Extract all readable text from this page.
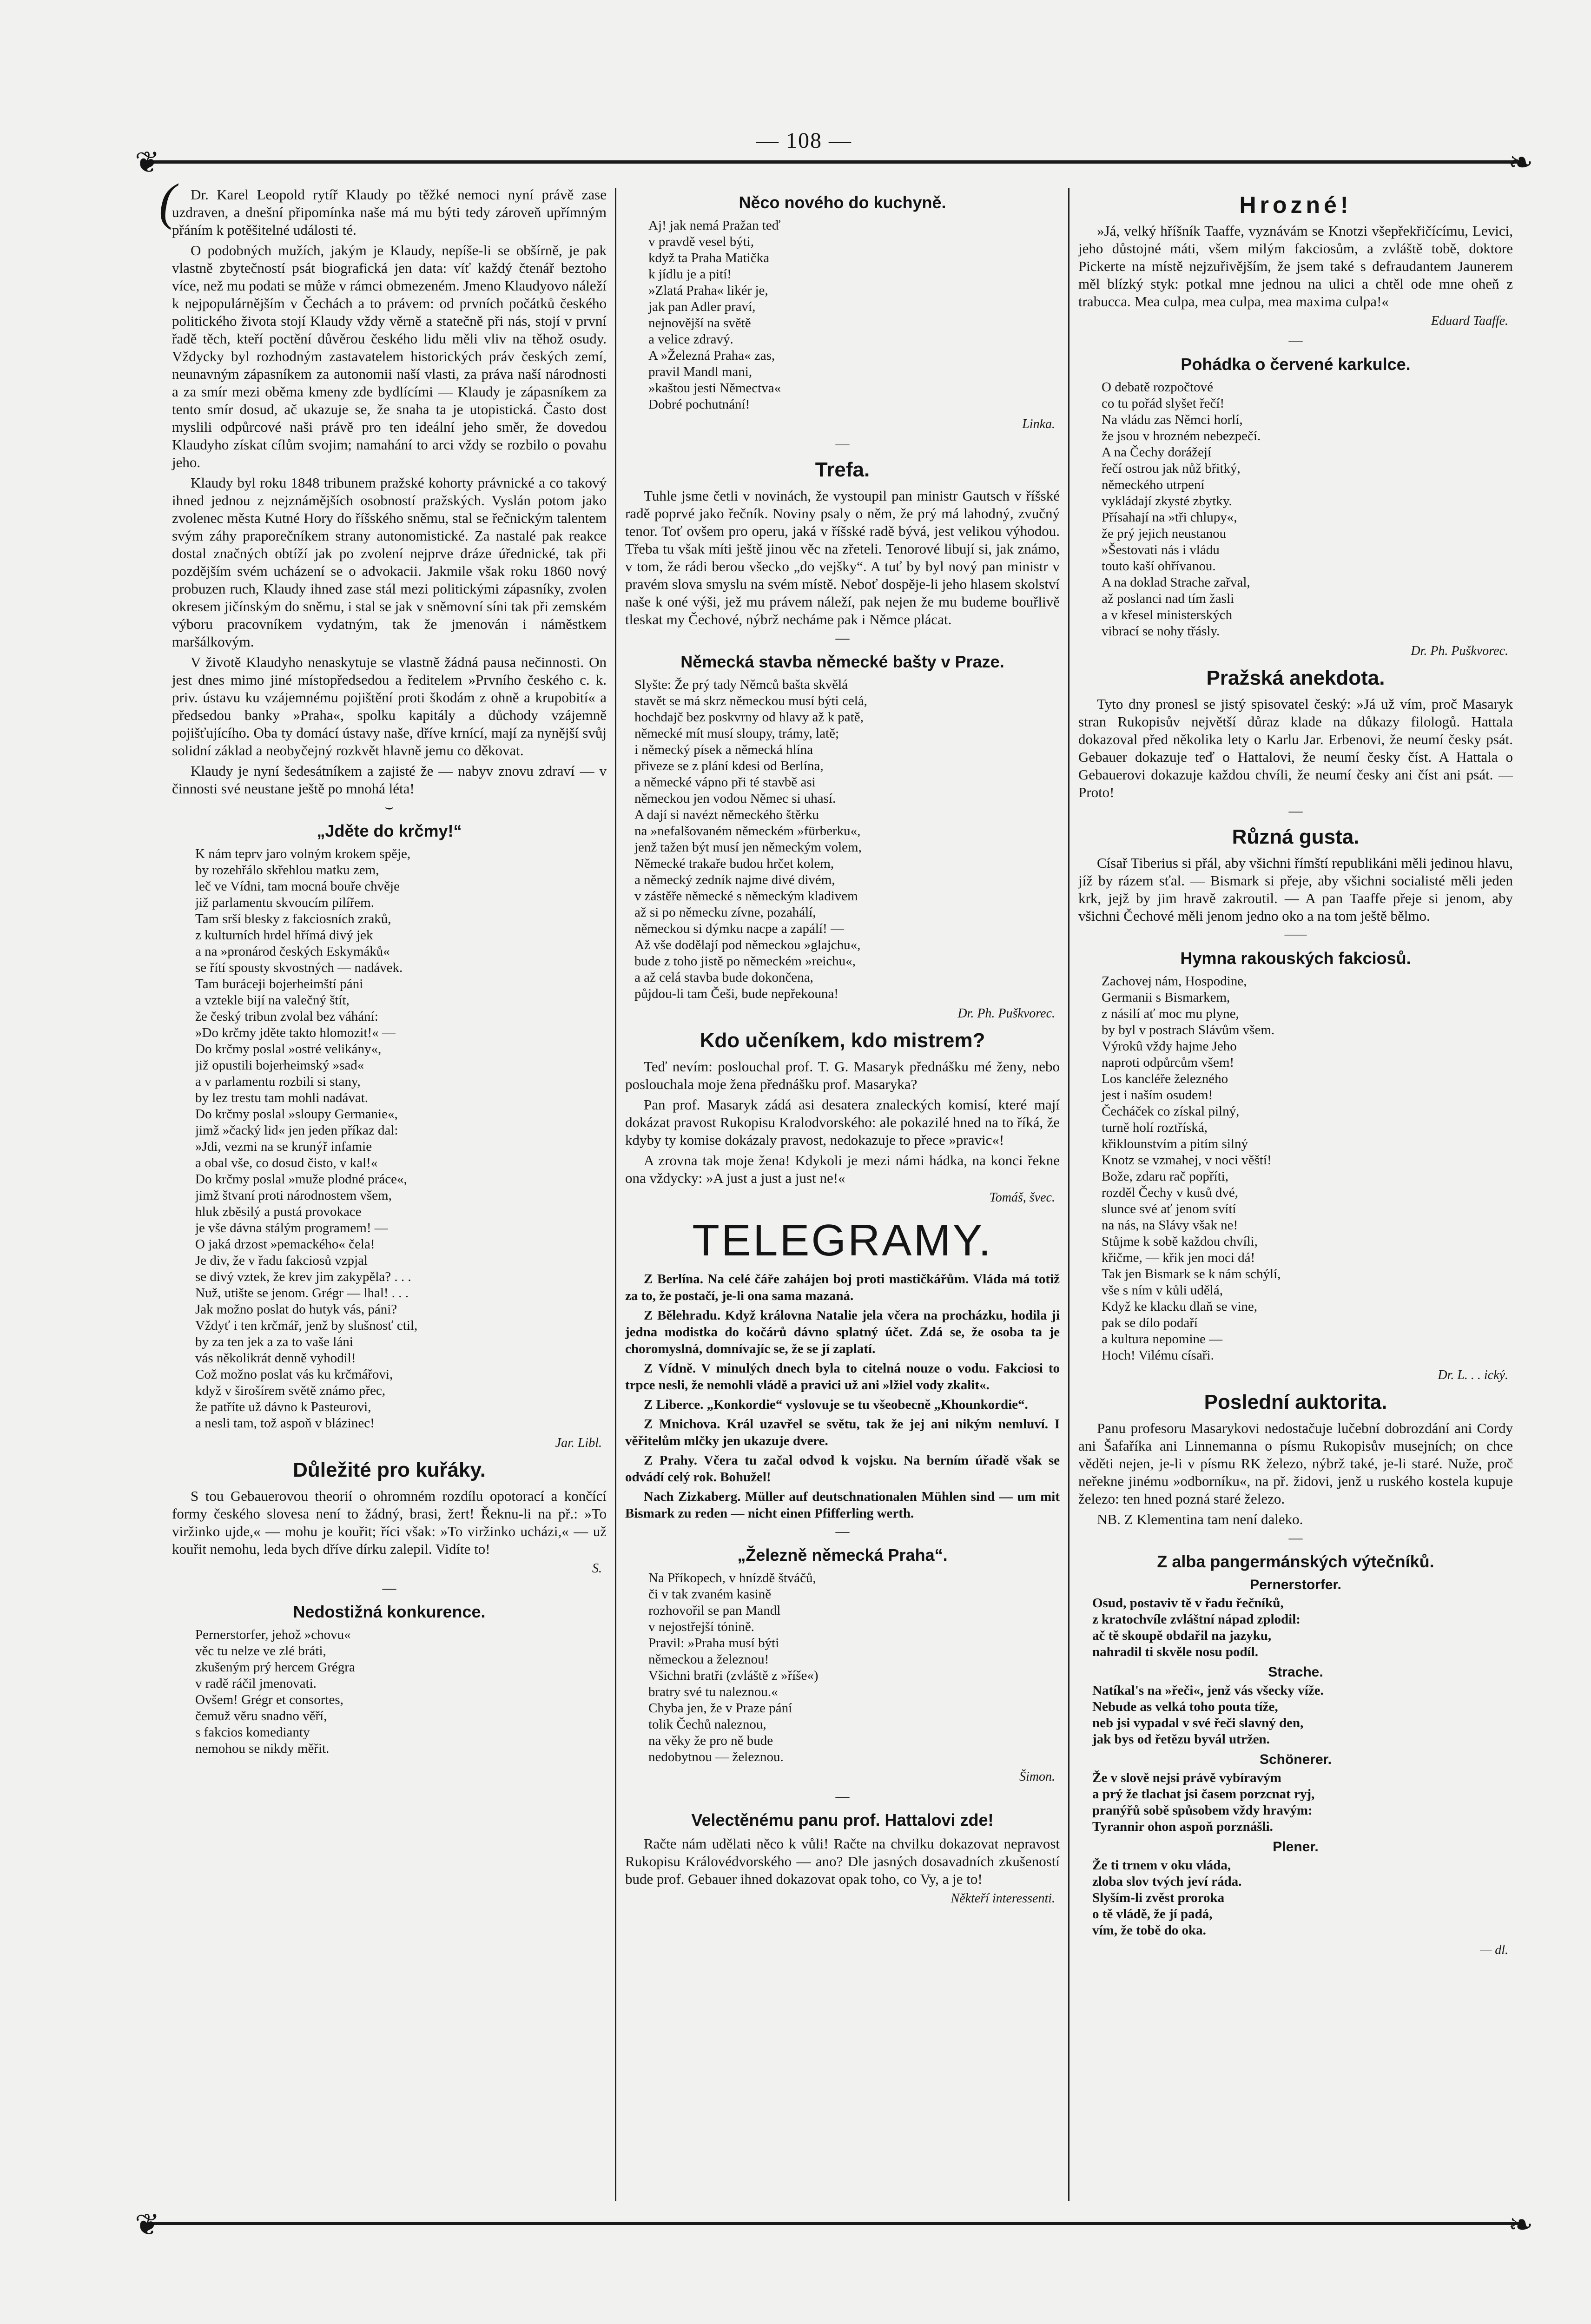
— 108 —
❦	❧
❦	❧
(	Dr. Karel Leopold rytíř Klaudy po těžké nemoci nyní právě zase uzdraven, a dnešní připomínka naše má mu býti tedy zároveň upřímným přáním k potěšitelné události té.

O podobných mužích, jakým je Klaudy, nepíše-li se obšírně, je pak vlastně zbytečností psát biografická jen data: víť každý čtenář beztoho více, než mu podati se může v rámci obmezeném. Jmeno Klaudyovo náleží k nejpopulárnějším v Čechách a to právem: od prvních počátků českého politického života stojí Klaudy vždy věrně a statečně při nás, stojí v první řadě těch, kteří poctění důvěrou českého lidu měli vliv na těhož osudy. Vždycky byl rozhodným zastavatelem historických práv českých zemí, neunavným zápasníkem za autonomii naší vlasti, za práva naší národnosti a za smír mezi oběma kmeny zde bydlícími — Klaudy je zápasníkem za tento smír dosud, ač ukazuje se, že snaha ta je utopistická. Často dost myslili odpůrcové naši právě pro ten ideální jeho směr, že dovedou Klaudyho získat cílům svojim; namahání to arci vždy se rozbilo o povahu jeho.

Klaudy byl roku 1848 tribunem pražské kohorty právnické a co takový ihned jednou z nejznámějších osobností pražských. Vyslán potom jako zvolenec města Kutné Hory do říšského sněmu, stal se řečnickým talentem svým záhy praporečníkem strany autonomistické. Za nastalé pak reakce dostal značných obtíží jak po zvolení nejprve dráze úřednické, tak při pozdějším svém ucházení se o advokacii. Jakmile však roku 1860 nový probuzen ruch, Klaudy ihned zase stál mezi politickými zápasníky, zvolen okresem jičínským do sněmu, i stal se jak v sněmovní síni tak při zemském výboru pracovníkem vydatným, tak že jmenován i náměstkem maršálkovým.

V životě Klaudyho nenaskytuje se vlastně žádná pausa nečinnosti. On jest dnes mimo jiné místopředsedou a ředitelem »Prvního českého c. k. priv. ústavu ku vzájemnému pojištění proti škodám z ohně a krupobití« a předsedou banky »Praha«, spolku kapitály a důchody vzájemně pojišťujícího. Oba ty domácí ústavy naše, dříve krnící, mají za nynější svůj solidní základ a neobyčejný rozkvět hlavně jemu co děkovat.

Klaudy je nyní šedesátníkem a zajisté že — nabyv znovu zdraví — v činnosti své neustane ještě po mnohá léta!

⌣
„Jděte do krčmy!“
K nám teprv jaro volným krokem spěje,
by rozehřálo skřehlou matku zem,
leč ve Vídni, tam mocná bouře chvěje
již parlamentu skvoucím pilířem.
Tam srší blesky z fakciosních zraků,
z kulturních hrdel hřímá divý jek
a na »pronárod českých Eskymáků«
se řítí spousty skvostných — nadávek.
Tam buráceji bojerheimští páni
a vztekle bijí na valečný štít,
že český tribun zvolal bez váhání:
»Do krčmy jděte takto hlomozit!« —
Do krčmy poslal »ostré velikány«,
již opustili bojerheimský »sad«
a v parlamentu rozbili si stany,
by lez trestu tam mohli nadávat.
Do krčmy poslal »sloupy Germanie«,
jimž »čacký lid« jen jeden příkaz dal:
»Jdi, vezmi na se krunýř infamie
a obal vše, co dosud čisto, v kal!«
Do krčmy poslal »muže plodné práce«,
jimž štvaní proti národnostem všem,
hluk zběsilý a pustá provokace
je vše dávna stálým programem! —
O jaká drzost »pemackého« čela!
Je div, že v řadu fakciosů vzpjal
se divý vztek, že krev jim zakypěla? . . .
Nuž, utište se jenom. Grégr — lhal! . . .
Jak možno poslat do hutyk vás, páni?
Vždyť i ten krčmář, jenž by slušnosť ctil,
by za ten jek a za to vaše láni
vás několikrát denně vyhodil!
Což možno poslat vás ku krčmářovi,
když v širošírem světě známo přec,
že patříte už dávno k Pasteurovi,
a nesli tam, tož aspoň v blázinec!
Jar. Libl.
Důležité pro kuřáky.

S tou Gebauerovou theorií o ohromném rozdílu opotorací a končící formy českého slovesa není to žádný, brasi, žert! Řeknu-li na př.: »To viržinko ujde,« — mohu je kouřit; říci však: »To viržinko ucházi,« — už kouřit nemohu, leda bych dříve dírku zalepil. Vidíte to!

S.
—
Nedostižná konkurence.
Pernerstorfer, jehož »chovu«
věc tu nelze ve zlé bráti,
zkušeným prý hercem Grégra
v radě ráčil jmenovati.
Ovšem! Grégr et consortes,
čemuž věru snadno věří,
s fakcios komedianty
nemohou se nikdy měřit.
Něco nového do kuchyně.
Aj! jak nemá Pražan teď
v pravdě vesel býti,
když ta Praha Matička
k jídlu je a pití!
»Zlatá Praha« likér je,
jak pan Adler praví,
nejnovější na světě
a velice zdravý.
A »Železná Praha« zas,
pravil Mandl mani,
»kaštou jesti Němectva«
Dobré pochutnání!
Linka.
—
Trefa.

Tuhle jsme četli v novinách, že vystoupil pan ministr Gautsch v říšské radě poprvé jako řečník. Noviny psaly o něm, že prý má lahodný, zvučný tenor. Toť ovšem pro operu, jaká v říšské radě bývá, jest velikou výhodou. Třeba tu však míti ještě jinou věc na zřeteli. Tenorové libují si, jak známo, v tom, že rádi berou všecko „do vejšky“. A tuť by byl nový pan ministr v pravém slova smyslu na svém místě. Neboť dospěje-li jeho hlasem skolství naše k oné výši, jež mu právem náleží, pak nejen že mu budeme bouřlivě tleskat my Čechové, nýbrž necháme pak i Němce plácat.

—
Německá stavba německé bašty v Praze.
Slyšte: Že prý tady Němců bašta skvělá
stavět se má skrz německou musí býti celá,
hochdajč bez poskvrny od hlavy až k patě,
německé mít musí sloupy, trámy, latě;
i německý písek a německá hlína
přiveze se z plání kdesi od Berlína,
a německé vápno při té stavbě asi
německou jen vodou Němec si uhasí.
A dají si navézt německého štěrku
na »nefalšovaném německém »fürberku«,
jenž tažen být musí jen německým volem,
Německé trakaře budou hrčet kolem,
a německý zedník najme divé divém,
v zástěře německé s německým kladivem
až si po německu zívne, pozahálí,
německou si dýmku nacpe a zapálí! —
Až vše dodělají pod německou »glajchu«,
bude z toho jistě po německém »reichu«,
a až celá stavba bude dokončena,
půjdou-li tam Češi, bude nepřekouna!
Dr. Ph. Puškvorec.
Kdo učeníkem, kdo mistrem?

Teď nevím: poslouchal prof. T. G. Masaryk přednášku mé ženy, nebo poslouchala moje žena přednášku prof. Masaryka?

Pan prof. Masaryk zádá asi desatera znaleckých komisí, které mají dokázat pravost Rukopisu Kralodvorského: ale pokazilé hned na to říká, že kdyby ty komise dokázaly pravost, nedokazuje to přece »pravic«!

A zrovna tak moje žena! Kdykoli je mezi námi hádka, na konci řekne ona vždycky: »A just a just a just ne!«

Tomáš, švec.
TELEGRAMY.

Z Berlína. Na celé čáře zahájen boj proti mastičkářům. Vláda má totiž za to, že postačí, je-li ona sama mazaná.

Z Bělehradu. Když královna Natalie jela včera na procházku, hodila ji jedna modistka do kočárů dávno splatný účet. Zdá se, že osoba ta je choromyslná, domnívajíc se, že se jí zaplatí.

Z Vídně. V minulých dnech byla to citelná nouze o vodu. Fakciosi to trpce nesli, že nemohli vládě a pravici už ani »lžiel vody zkalit«.

Z Liberce. „Konkordie“ vyslovuje se tu všeobecně „Khounkordie“.

Z Mnichova. Král uzavřel se světu, tak že jej ani nikým nemluví. I věřitelům mlčky jen ukazuje dvere.

Z Prahy. Včera tu začal odvod k vojsku. Na berním úřadě však se odvádí celý rok. Bohužel!

Nach Zizkaberg. Müller auf deutschnationalen Mühlen sind — um mit Bismark zu reden — nicht einen Pfifferling werth.

—
„Železně německá Praha“.
Na Příkopech, v hnízdě štváčů,
či v tak zvaném kasině
rozhovořil se pan Mandl
v nejostřejší tónině.
Pravil: »Praha musí býti
německou a železnou!
Všichni bratři (zvláště z »říše«)
bratry své tu naleznou.«
Chyba jen, že v Praze pání
tolik Čechů naleznou,
na věky že pro ně bude
nedobytnou — železnou.
Šimon.
—
Velectěnému panu prof. Hattalovi zde!

Račte nám udělati něco k vůli! Račte na chvilku dokazovat nepravost Rukopisu Královédvorského — ano? Dle jasných dosavadních zkušeností bude prof. Gebauer ihned dokazovat opak toho, co Vy, a je to!

Někteří interessenti.
Hrozné!

»Já, velký hříšník Taaffe, vyznávám se Knotzi všepřekřičícímu, Levici, jeho důstojné máti, všem milým fakciosům, a zvláště tobě, doktore Pickerte na místě nejzuřivějším, že jsem také s defraudantem Jaunerem měl blízký styk: potkal mne jednou na ulici a chtěl ode mne oheň z trabucca. Mea culpa, mea culpa, mea maxima culpa!«

Eduard Taaffe.
—
Pohádka o červené karkulce.
O debatě rozpočtové
co tu pořád slyšet řečí!
Na vládu zas Němci horlí,
že jsou v hrozném nebezpečí.
A na Čechy dorážejí
řečí ostrou jak nůž břitký,
německého utrpení
vykládají zkysté zbytky.
Přísahají na »tři chlupy«,
že prý jejich neustanou
»Šestovati nás i vládu
touto kaší ohřívanou.
A na doklad Strache zařval,
až poslanci nad tím žasli
a v křesel ministerských
vibrací se nohy třásly.
Dr. Ph. Puškvorec.
Pražská anekdota.

Tyto dny pronesl se jistý spisovatel český: »Já už vím, proč Masaryk stran Rukopisův největší důraz klade na důkazy filologů. Hattala dokazoval před několika lety o Karlu Jar. Erbenovi, že neumí česky psát. Gebauer dokazuje teď o Hattalovi, že neumí česky číst. A Hattala o Gebauerovi dokazuje každou chvíli, že neumí česky ani číst ani psát. — Proto!

—
Různá gusta.

Císař Tiberius si přál, aby všichni římští republikáni měli jedinou hlavu, jíž by rázem sťal. — Bismark si přeje, aby všichni socialisté měli jeden krk, jejž by jim hravě zakroutil. — A pan Taaffe přeje si jenom, aby všichni Čechové měli jenom jedno oko a na tom ještě bělmo.

⸺
Hymna rakouských fakciosů.
Zachovej nám, Hospodine,
Germanii s Bismarkem,
z násilí ať moc mu plyne,
by byl v postrach Slávům všem.
Výrokû vždy hajme Jeho
naproti odpůrcům všem!
Los kancléře železného
jest i naším osudem!
Čecháček co získal pilný,
turně holí roztříská,
křiklounstvím a pitím silný
Knotz se vzmahej, v noci věští!
Bože, zdaru rač popříti,
rozděl Čechy v kusů dvé,
slunce své ať jenom svítí
na nás, na Slávy však ne!
Stůjme k sobě každou chvíli,
křičme, — křik jen moci dá!
Tak jen Bismark se k nám schýlí,
vše s ním v kůli udělá,
Když ke klacku dlaň se vine,
pak se dílo podaří
a kultura nepomine —
Hoch! Vilému císaři.
Dr. L. . . ický.
Poslední auktorita.

Panu profesoru Masarykovi nedostačuje lučební dobrozdání ani Cordy ani Šafaříka ani Linnemanna o písmu Rukopisův musejních; on chce věděti nejen, je-li v písmu RK železo, nýbrž také, je-li staré. Nuže, proč neřekne jinému »odborníku«, na př. židovi, jenž u ruského kostela kupuje železo: ten hned pozná staré železo.

NB. Z Klementina tam není daleko.

—
Z alba pangermánských výtečníků.
Pernerstorfer.
Osud, postaviv tě v řadu řečníků,
z kratochvíle zvláštní nápad zplodil:
ač tě skoupě obdařil na jazyku,
nahradil ti skvěle nosu podíl.
Strache.
Natíkal's na »řeči«, jenž vás všecky víže.
Nebude as velká toho pouta tíže,
neb jsi vypadal v své řeči slavný den,
jak bys od řetězu byvál utržen.
Schönerer.
Že v slově nejsi právě vybíravým
a prý že tlachat jsi časem porzcnat ryj,
pranýřů sobě spůsobem vždy hravým:
Tyrannir ohon aspoň porznášli.
Plener.
Že ti trnem v oku vláda,
zloba slov tvých jeví ráda.
Slyším-li zvěst proroka
o tě vládě, že jí padá,
vím, že tobě do oka.
— dl.
